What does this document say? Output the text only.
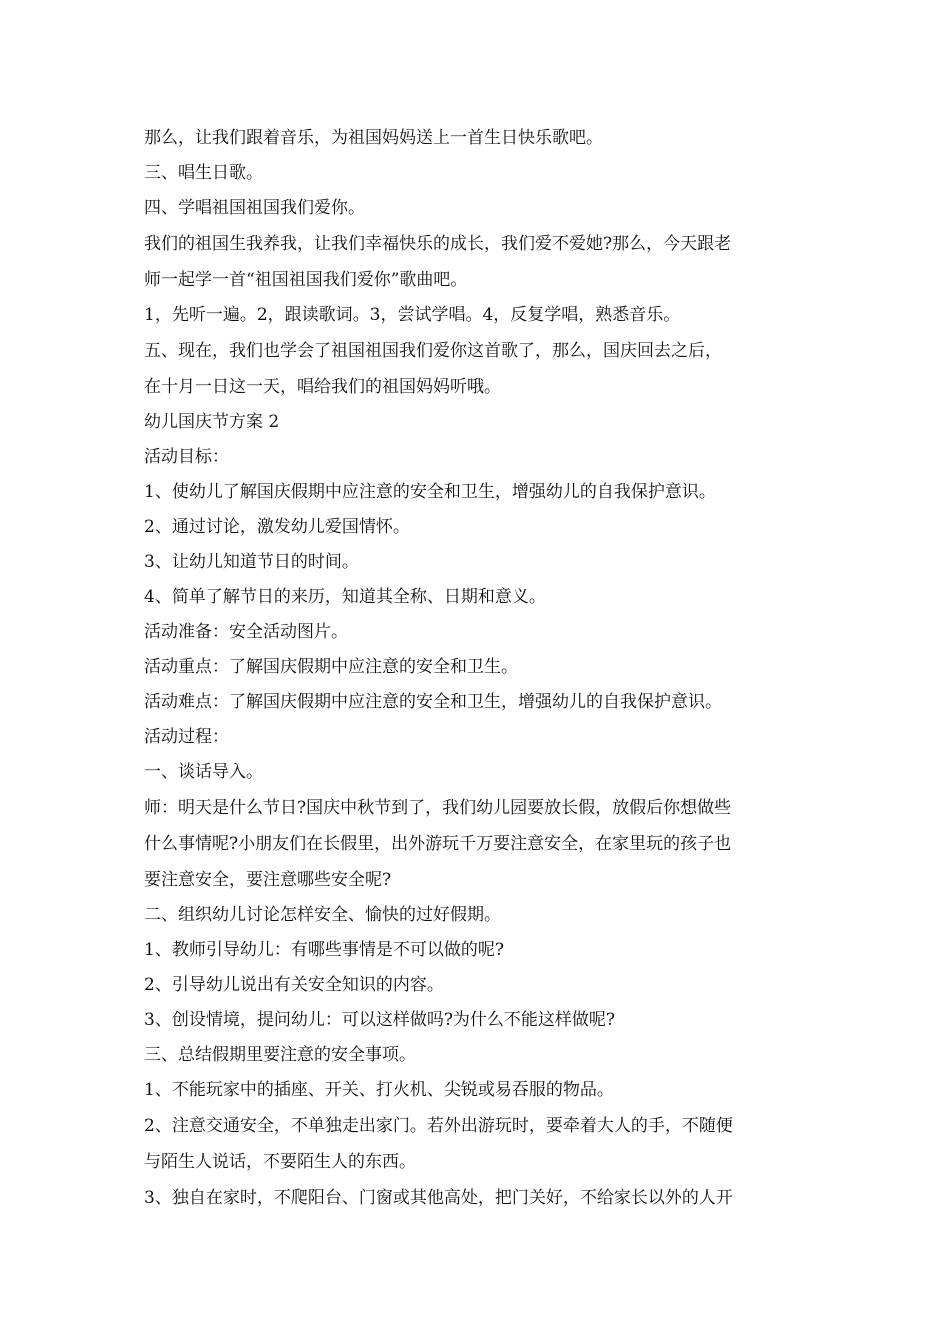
那么，让我们跟着音乐，为祖国妈妈送上一首生日快乐歌吧。

三、唱生日歌。

四、学唱祖国祖国我们爱你。

我们的祖国生我养我，让我们幸福快乐的成长，我们爱不爱她?那么，今天跟老

师一起学一首“祖国祖国我们爱你”歌曲吧。

1，先听一遍。2，跟读歌词。3，尝试学唱。4，反复学唱，熟悉音乐。

五、现在，我们也学会了祖国祖国我们爱你这首歌了，那么，国庆回去之后，

在十月一日这一天，唱给我们的祖国妈妈听哦。

幼儿国庆节方案 2

活动目标：

1、使幼儿了解国庆假期中应注意的安全和卫生，增强幼儿的自我保护意识。

2、通过讨论，激发幼儿爱国情怀。

3、让幼儿知道节日的时间。

4、简单了解节日的来历，知道其全称、日期和意义。

活动准备：安全活动图片。

活动重点：了解国庆假期中应注意的安全和卫生。

活动难点：了解国庆假期中应注意的安全和卫生，增强幼儿的自我保护意识。

活动过程：

一、谈话导入。

师：明天是什么节日?国庆中秋节到了，我们幼儿园要放长假，放假后你想做些

什么事情呢?小朋友们在长假里，出外游玩千万要注意安全，在家里玩的孩子也

要注意安全，要注意哪些安全呢?

二、组织幼儿讨论怎样安全、愉快的过好假期。

1、教师引导幼儿：有哪些事情是不可以做的呢?

2、引导幼儿说出有关安全知识的内容。

3、创设情境，提问幼儿：可以这样做吗?为什么不能这样做呢?

三、总结假期里要注意的安全事项。

1、不能玩家中的插座、开关、打火机、尖锐或易吞服的物品。

2、注意交通安全，不单独走出家门。若外出游玩时，要牵着大人的手，不随便

与陌生人说话，不要陌生人的东西。

3、独自在家时，不爬阳台、门窗或其他高处，把门关好，不给家长以外的人开
